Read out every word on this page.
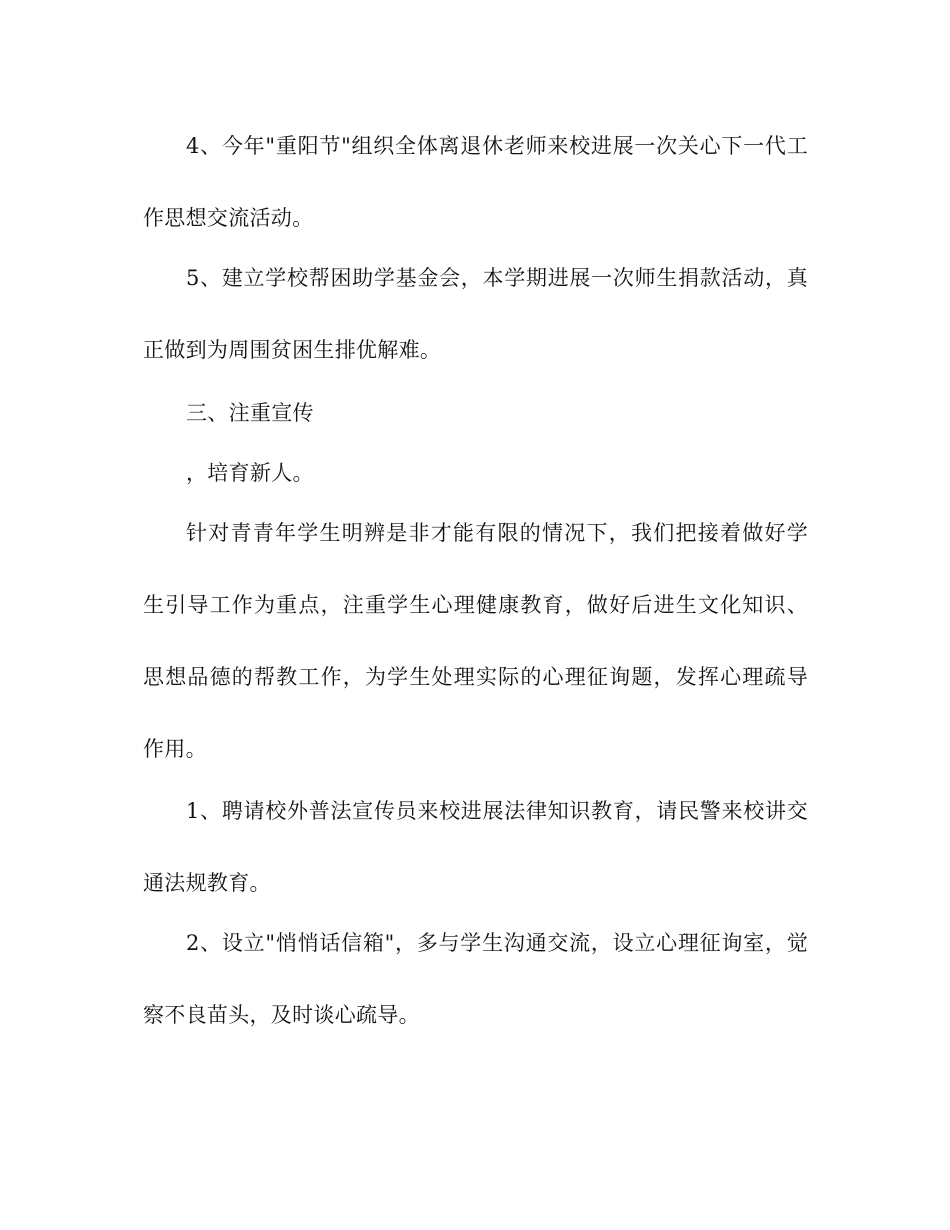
4、今年"重阳节"组织全体离退休老师来校进展一次关心下一代工
作思想交流活动。
5、建立学校帮困助学基金会，本学期进展一次师生捐款活动，真
正做到为周围贫困生排优解难。
三、注重宣传
，培育新人。
针对青青年学生明辨是非才能有限的情况下，我们把接着做好学
生引导工作为重点，注重学生心理健康教育，做好后进生文化知识、
思想品德的帮教工作，为学生处理实际的心理征询题，发挥心理疏导
作用。
1、聘请校外普法宣传员来校进展法律知识教育，请民警来校讲交
通法规教育。
2、设立"悄悄话信箱"，多与学生沟通交流，设立心理征询室，觉
察不良苗头，及时谈心疏导。
